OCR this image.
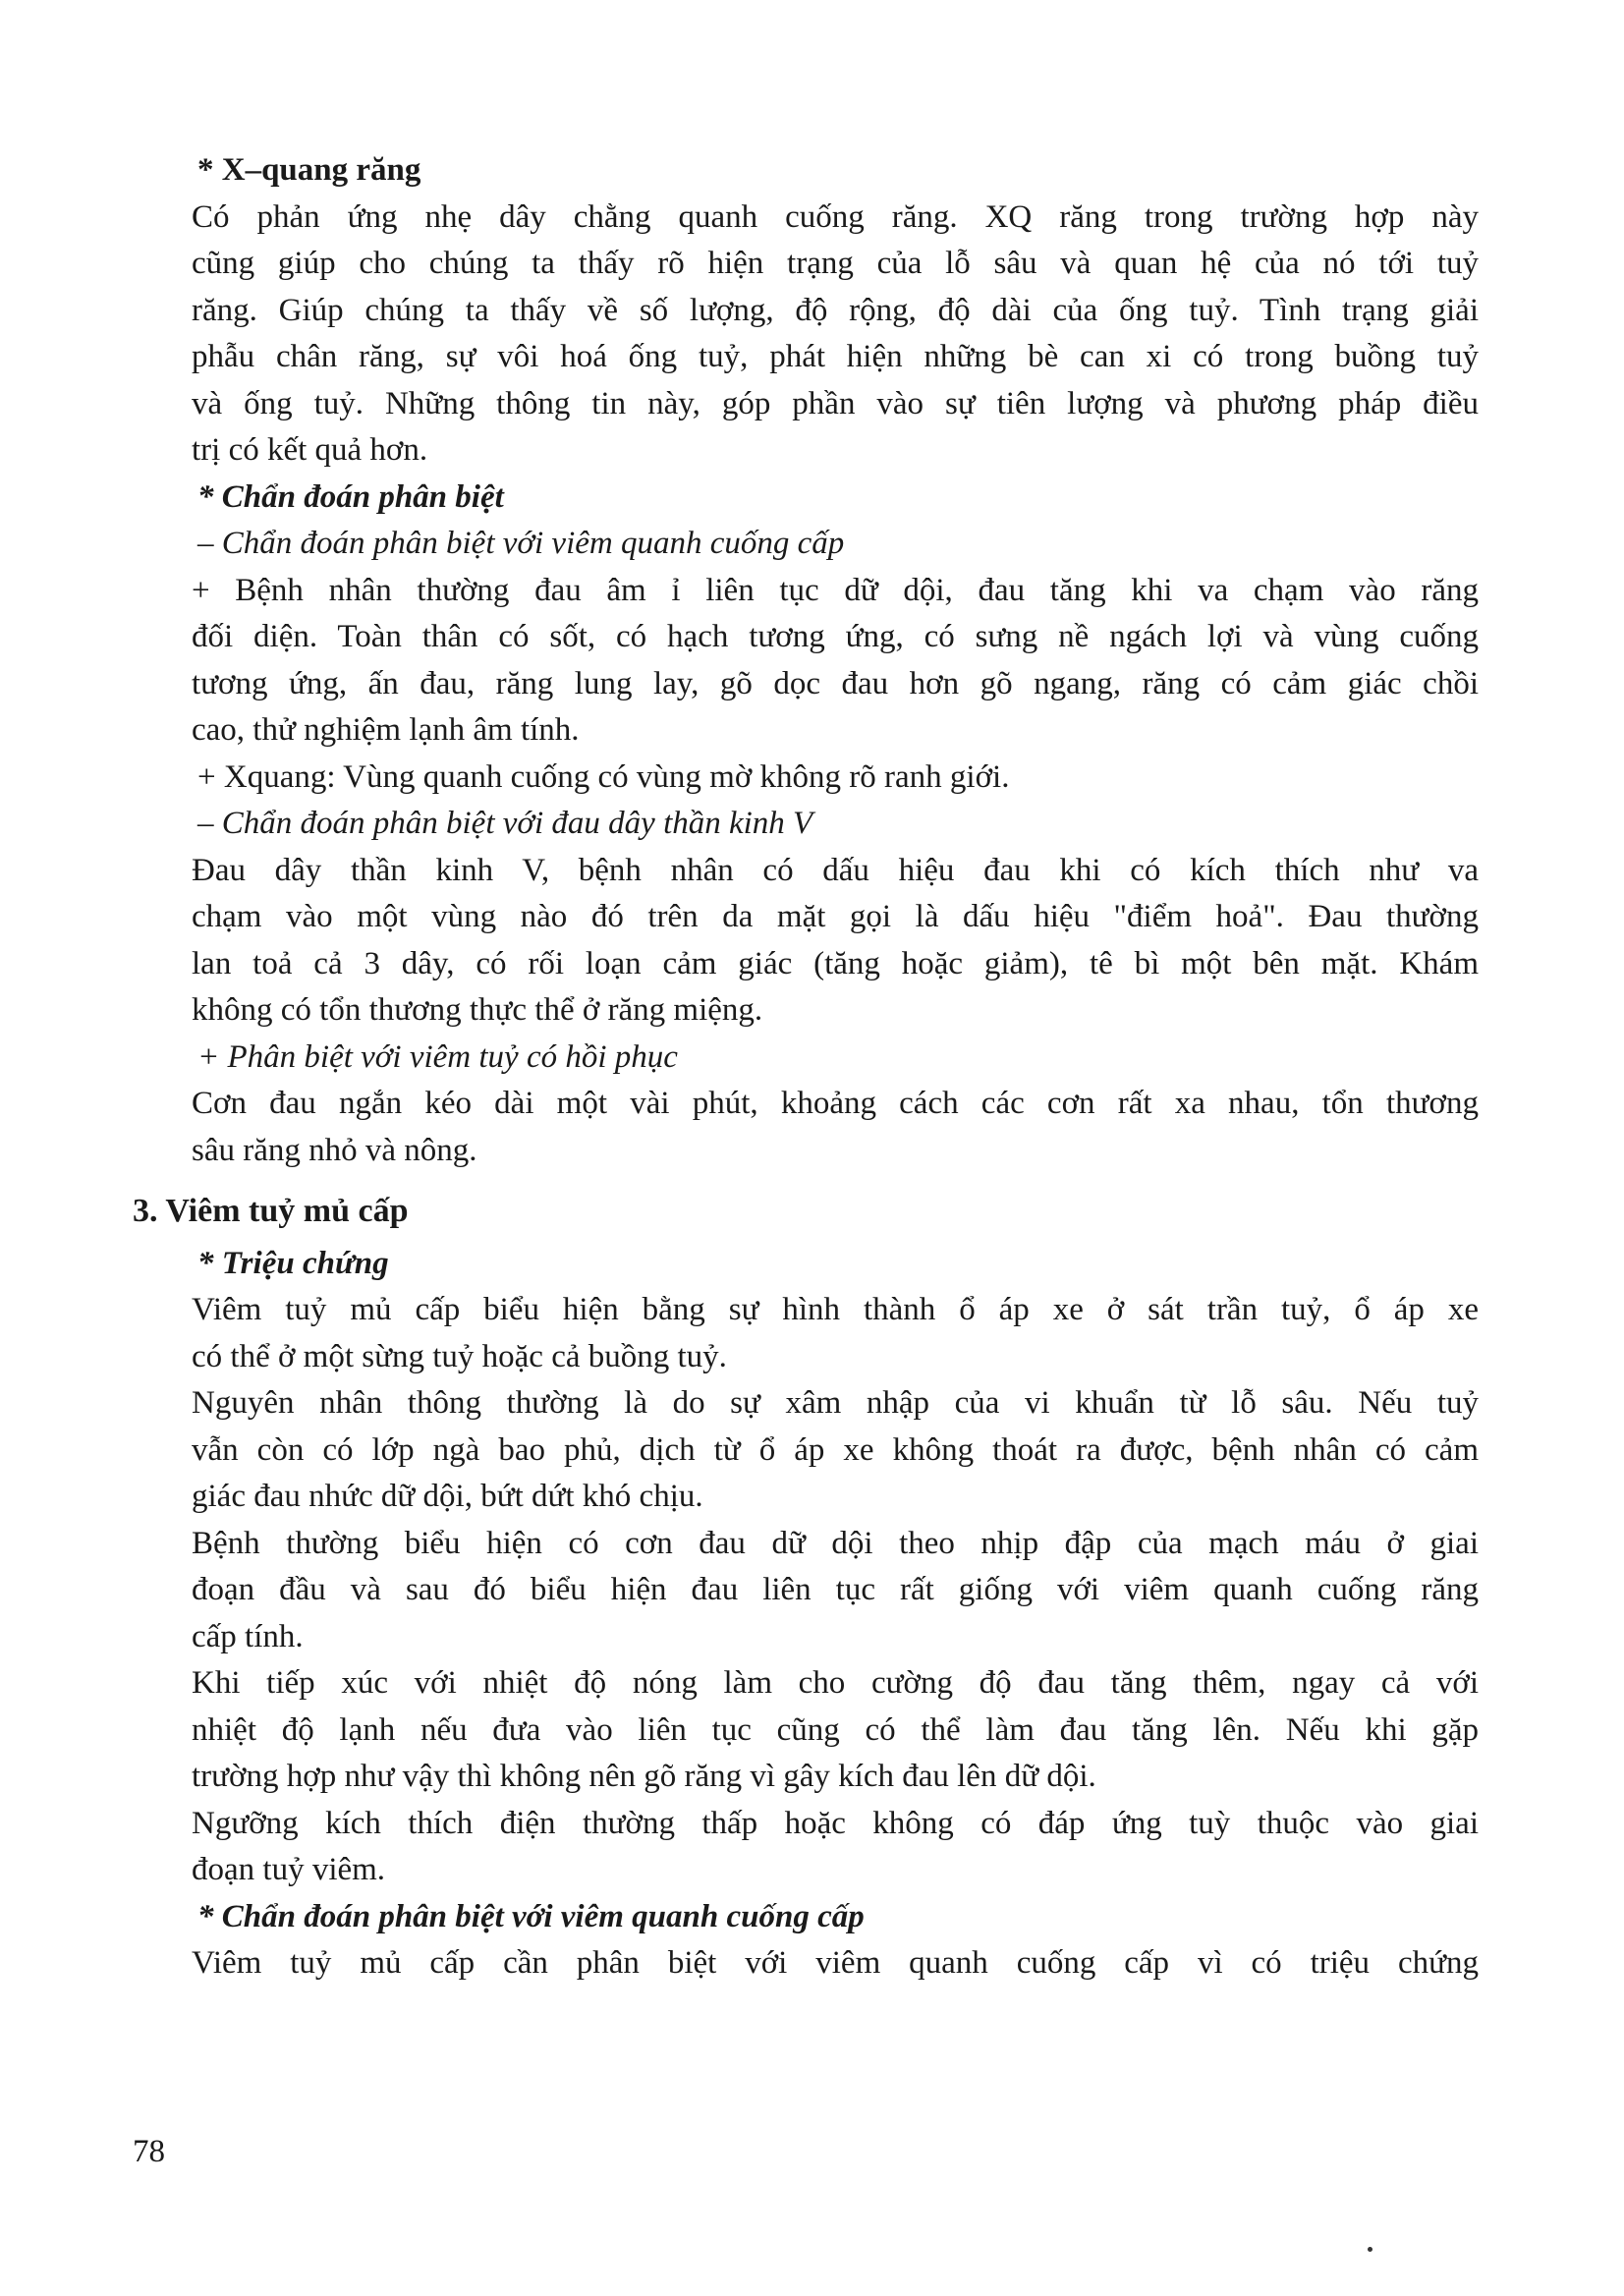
* X–quang răng

Có phản ứng nhẹ dây chằng quanh cuống răng. XQ răng trong trường hợp này

cũng giúp cho chúng ta thấy rõ hiện trạng của lỗ sâu và quan hệ của nó tới tuỷ

răng. Giúp chúng ta thấy về số lượng, độ rộng, độ dài của ống tuỷ. Tình trạng giải

phẫu chân răng, sự vôi hoá ống tuỷ, phát hiện những bè can xi có trong buồng tuỷ

và ống tuỷ. Những thông tin này, góp phần vào sự tiên lượng và phương pháp điều

trị có kết quả hơn.

* Chẩn đoán phân biệt

– Chẩn đoán phân biệt với viêm quanh cuống cấp

+ Bệnh nhân thường đau âm ỉ liên tục dữ dội, đau tăng khi va chạm vào răng

đối diện. Toàn thân có sốt, có hạch tương ứng, có sưng nề ngách lợi và vùng cuống

tương ứng, ấn đau, răng lung lay, gõ dọc đau hơn gõ ngang, răng có cảm giác chồi

cao, thử nghiệm lạnh âm tính.

+ Xquang: Vùng quanh cuống có vùng mờ không rõ ranh giới.

– Chẩn đoán phân biệt với đau dây thần kinh V

Đau dây thần kinh V, bệnh nhân có dấu hiệu đau khi có kích thích như va

chạm vào một vùng nào đó trên da mặt gọi là dấu hiệu "điểm hoả". Đau thường

lan toả cả 3 dây, có rối loạn cảm giác (tăng hoặc giảm), tê bì một bên mặt. Khám

không có tổn thương thực thể ở răng miệng.

+ Phân biệt với viêm tuỷ có hồi phục

Cơn đau ngắn kéo dài một vài phút, khoảng cách các cơn rất xa nhau, tổn thương

sâu răng nhỏ và nông.

3. Viêm tuỷ mủ cấp

* Triệu chứng

Viêm tuỷ mủ cấp biểu hiện bằng sự hình thành ổ áp xe ở sát trần tuỷ, ổ áp xe

có thể ở một sừng tuỷ hoặc cả buồng tuỷ.

Nguyên nhân thông thường là do sự xâm nhập của vi khuẩn từ lỗ sâu. Nếu tuỷ

vẫn còn có lớp ngà bao phủ, dịch từ ổ áp xe không thoát ra được, bệnh nhân có cảm

giác đau nhức dữ dội, bứt dứt khó chịu.

Bệnh thường biểu hiện có cơn đau dữ dội theo nhịp đập của mạch máu ở giai

đoạn đầu và sau đó biểu hiện đau liên tục rất giống với viêm quanh cuống răng

cấp tính.

Khi tiếp xúc với nhiệt độ nóng làm cho cường độ đau tăng thêm, ngay cả với

nhiệt độ lạnh nếu đưa vào liên tục cũng có thể làm đau tăng lên. Nếu khi gặp

trường hợp như vậy thì không nên gõ răng vì gây kích đau lên dữ dội.

Ngưỡng kích thích điện thường thấp hoặc không có đáp ứng tuỳ thuộc vào giai

đoạn tuỷ viêm.

* Chẩn đoán phân biệt với viêm quanh cuống cấp

Viêm tuỷ mủ cấp cần phân biệt với viêm quanh cuống cấp vì có triệu chứng

78
